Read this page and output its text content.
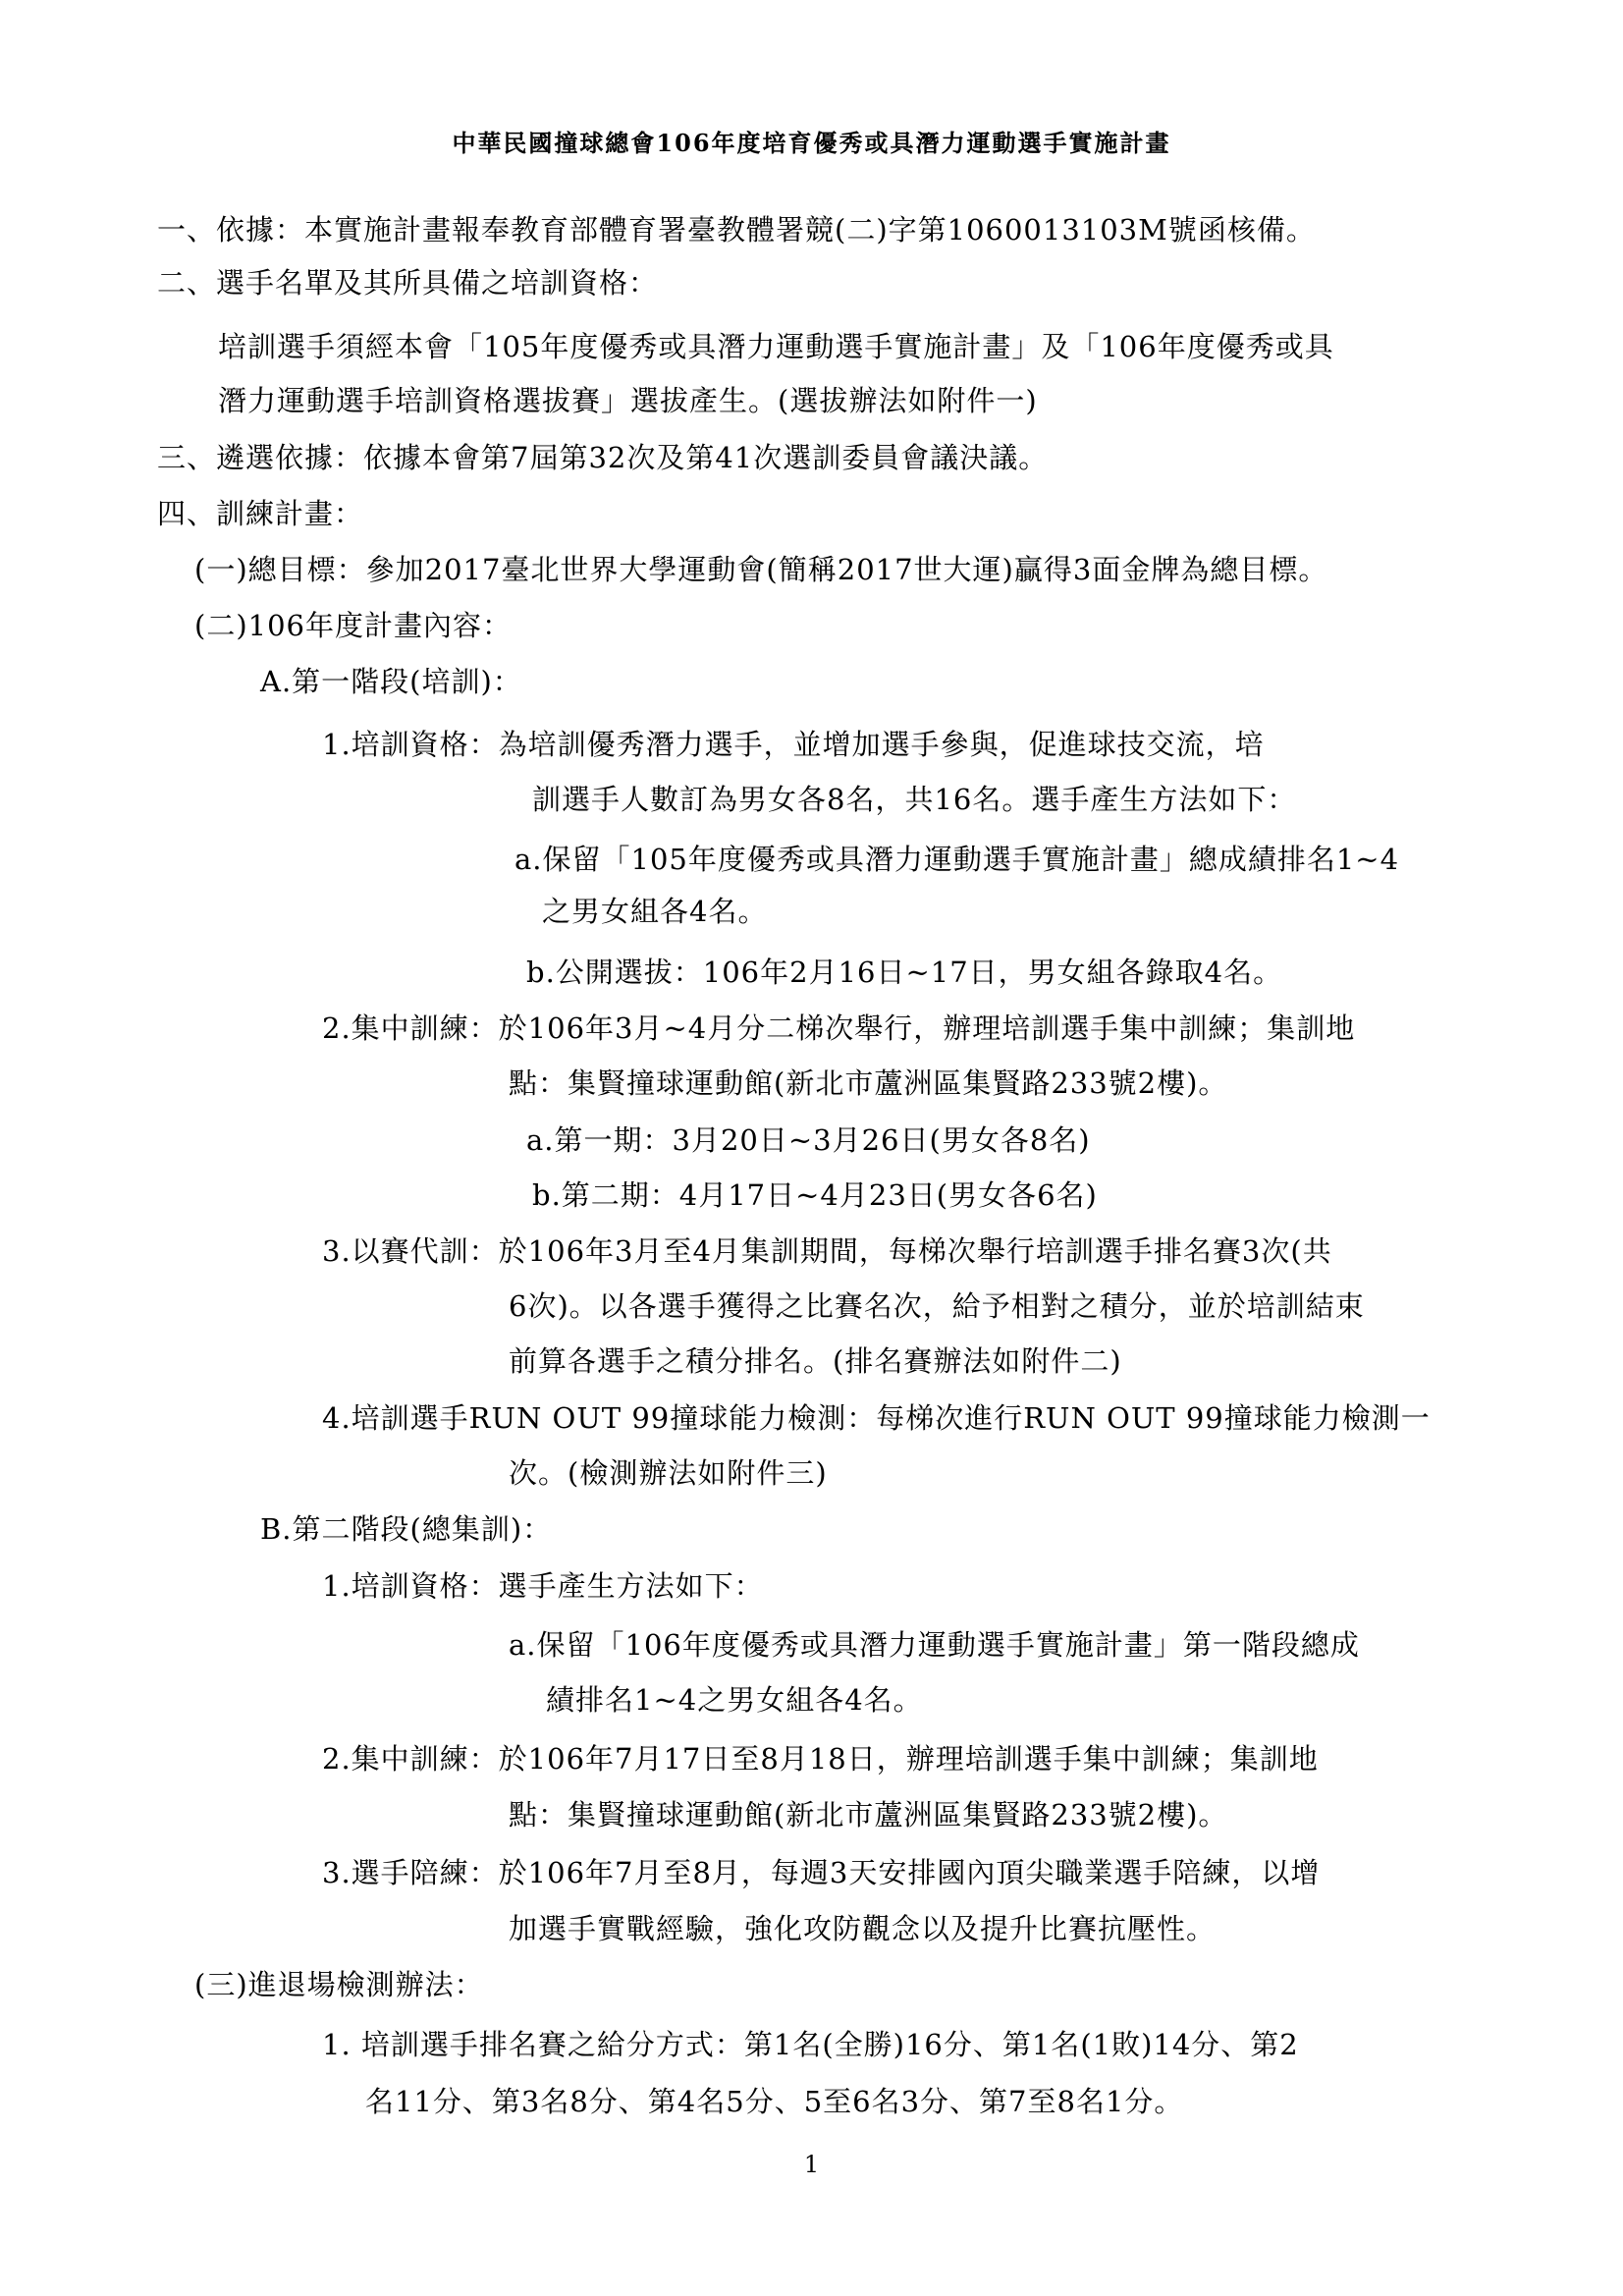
中華民國撞球總會106年度培育優秀或具潛力運動選手實施計畫
一、依據：本實施計畫報奉教育部體育署臺教體署競(二)字第1060013103M號函核備。
二、選手名單及其所具備之培訓資格：
培訓選手須經本會「105年度優秀或具潛力運動選手實施計畫」及「106年度優秀或具
潛力運動選手培訓資格選拔賽」選拔產生。(選拔辦法如附件一)
三、遴選依據：依據本會第7屆第32次及第41次選訓委員會議決議。
四、訓練計畫：
(一)總目標：參加2017臺北世界大學運動會(簡稱2017世大運)贏得3面金牌為總目標。
(二)106年度計畫內容：
A.第一階段(培訓)：
1.培訓資格：為培訓優秀潛力選手，並增加選手參與，促進球技交流，培
訓選手人數訂為男女各8名，共16名。選手產生方法如下：
a.保留「105年度優秀或具潛力運動選手實施計畫」總成績排名1~4
之男女組各4名。
b.公開選拔：106年2月16日~17日，男女組各錄取4名。
2.集中訓練：於106年3月~4月分二梯次舉行，辦理培訓選手集中訓練；集訓地
點：集賢撞球運動館(新北市蘆洲區集賢路233號2樓)。
a.第一期：3月20日~3月26日(男女各8名)
b.第二期：4月17日~4月23日(男女各6名)
3.以賽代訓：於106年3月至4月集訓期間，每梯次舉行培訓選手排名賽3次(共
6次)。以各選手獲得之比賽名次，給予相對之積分，並於培訓結束
前算各選手之積分排名。(排名賽辦法如附件二)
4.培訓選手RUN OUT 99撞球能力檢測：每梯次進行RUN OUT 99撞球能力檢測一
次。(檢測辦法如附件三)
B.第二階段(總集訓)：
1.培訓資格：選手產生方法如下：
a.保留「106年度優秀或具潛力運動選手實施計畫」第一階段總成
績排名1~4之男女組各4名。
2.集中訓練：於106年7月17日至8月18日，辦理培訓選手集中訓練；集訓地
點：集賢撞球運動館(新北市蘆洲區集賢路233號2樓)。
3.選手陪練：於106年7月至8月，每週3天安排國內頂尖職業選手陪練，以增
加選手實戰經驗，強化攻防觀念以及提升比賽抗壓性。
(三)進退場檢測辦法：
1. 培訓選手排名賽之給分方式：第1名(全勝)16分、第1名(1敗)14分、第2
名11分、第3名8分、第4名5分、5至6名3分、第7至8名1分。
1
